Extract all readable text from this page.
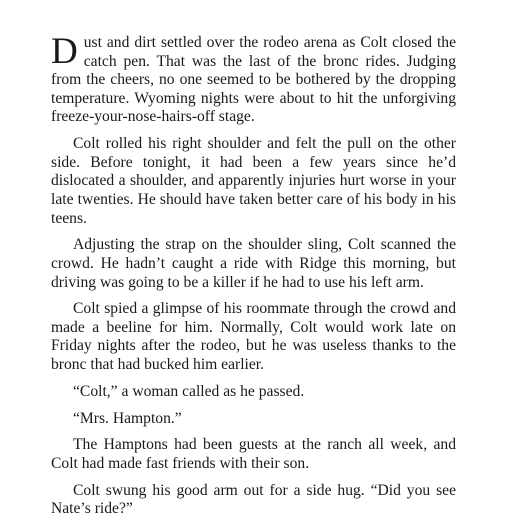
Dust and dirt settled over the rodeo arena as Colt closed the catch pen. That was the last of the bronc rides. Judging from the cheers, no one seemed to be bothered by the dropping temperature. Wyoming nights were about to hit the unforgiving freeze-your-nose-hairs-off stage.

Colt rolled his right shoulder and felt the pull on the other side. Before tonight, it had been a few years since he’d dislocated a shoulder, and apparently injuries hurt worse in your late twenties. He should have taken better care of his body in his teens.

Adjusting the strap on the shoulder sling, Colt scanned the crowd. He hadn’t caught a ride with Ridge this morning, but driving was going to be a killer if he had to use his left arm.

Colt spied a glimpse of his roommate through the crowd and made a beeline for him. Normally, Colt would work late on Friday nights after the rodeo, but he was useless thanks to the bronc that had bucked him earlier.

“Colt,” a woman called as he passed.

“Mrs. Hampton.”

The Hamptons had been guests at the ranch all week, and Colt had made fast friends with their son.

Colt swung his good arm out for a side hug. “Did you see Nate’s ride?”
